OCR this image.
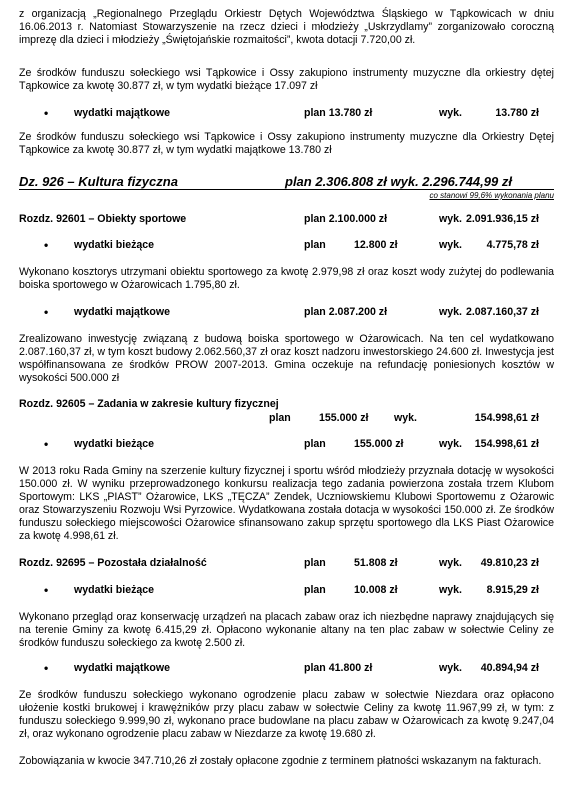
z organizacją „Regionalnego Przeglądu Orkiestr Dętych Województwa Śląskiego w Tąpkowicach w dniu 16.06.2013 r. Natomiast Stowarzyszenie na rzecz dzieci i młodzieży „Uskrzydlamy” zorganizowało coroczną imprezę dla dzieci i młodzieży „Świętojańskie rozmaitości”, kwota dotacji 7.720,00 zł.

Ze środków funduszu sołeckiego wsi Tąpkowice i Ossy zakupiono instrumenty muzyczne dla orkiestry dętej Tąpkowice za kwotę 30.877 zł, w tym wydatki bieżące 17.097 zł

• wydatki majątkowe	plan 13.780 zł	wyk.	13.780 zł

Ze środków funduszu sołeckiego wsi Tąpkowice i Ossy zakupiono instrumenty muzyczne dla Orkiestry Dętej Tąpkowice za kwotę 30.877 zł, w tym wydatki majątkowe 13.780 zł

Dz. 926 – Kultura fizyczna	plan 2.306.808 zł wyk. 2.296.744,99 zł
co stanowi 99,6% wykonania planu
Rozdz. 92601 – Obiekty sportowe	plan 2.100.000 zł	wyk. 2.091.936,15 zł
• wydatki bieżące	plan	12.800 zł	wyk. 4.775,78 zł

Wykonano kosztorys utrzymani obiektu sportowego za kwotę 2.979,98 zł oraz koszt wody zużytej do podlewania boiska sportowego w Ożarowicach 1.795,80 zł.

• wydatki majątkowe	plan 2.087.200 zł	wyk. 2.087.160,37 zł

Zrealizowano inwestycję związaną z budową boiska sportowego w Ożarowicach. Na ten cel wydatkowano 2.087.160,37 zł, w tym koszt budowy 2.062.560,37 zł oraz koszt nadzoru inwestorskiego 24.600 zł. Inwestycja jest współfinansowana ze środków PROW 2007-2013. Gmina oczekuje na refundację poniesionych kosztów w wysokości 500.000 zł

Rozdz. 92605 – Zadania w zakresie kultury fizycznej
plan	155.000 zł wyk.	154.998,61 zł
• wydatki bieżące	plan	155.000 zł	wyk. 154.998,61 zł

W 2013 roku Rada Gminy na szerzenie kultury fizycznej i sportu wśród młodzieży przyznała dotację w wysokości 150.000 zł. W wyniku przeprowadzonego konkursu realizacja tego zadania powierzona została trzem Klubom Sportowym: LKS „PIAST” Ożarowice, LKS „TĘCZA” Zendek, Uczniowskiemu Klubowi Sportowemu z Ożarowic oraz Stowarzyszeniu Rozwoju Wsi Pyrzowice. Wydatkowana została dotacja w wysokości 150.000 zł. Ze środków funduszu sołeckiego miejscowości Ożarowice sfinansowano zakup sprzętu sportowego dla LKS Piast Ożarowice za kwotę 4.998,61 zł.

Rozdz. 92695 – Pozostała działalność	plan	51.808 zł	wyk. 49.810,23 zł
• wydatki bieżące	plan	10.008 zł	wyk. 8.915,29 zł

Wykonano przegląd oraz konserwację urządzeń na placach zabaw oraz ich niezbędne naprawy znajdujących się na terenie Gminy za kwotę 6.415,29 zł. Opłacono wykonanie altany na ten plac zabaw w sołectwie Celiny ze środków funduszu sołeckiego za kwotę 2.500 zł.

• wydatki majątkowe	plan 41.800 zł	wyk. 40.894,94 zł

Ze środków funduszu sołeckiego wykonano ogrodzenie placu zabaw w sołectwie Niezdara oraz opłacono ułożenie kostki brukowej i krawężników przy placu zabaw w sołectwie Celiny za kwotę 11.967,99 zł, w tym: z funduszu sołeckiego 9.999,90 zł, wykonano prace budowlane na placu zabaw w Ożarowicach za kwotę 9.247,04 zł, oraz wykonano ogrodzenie placu zabaw w Niezdarze za kwotę 19.680 zł.

Zobowiązania w kwocie 347.710,26 zł zostały opłacone zgodnie z terminem płatności wskazanym na fakturach.
